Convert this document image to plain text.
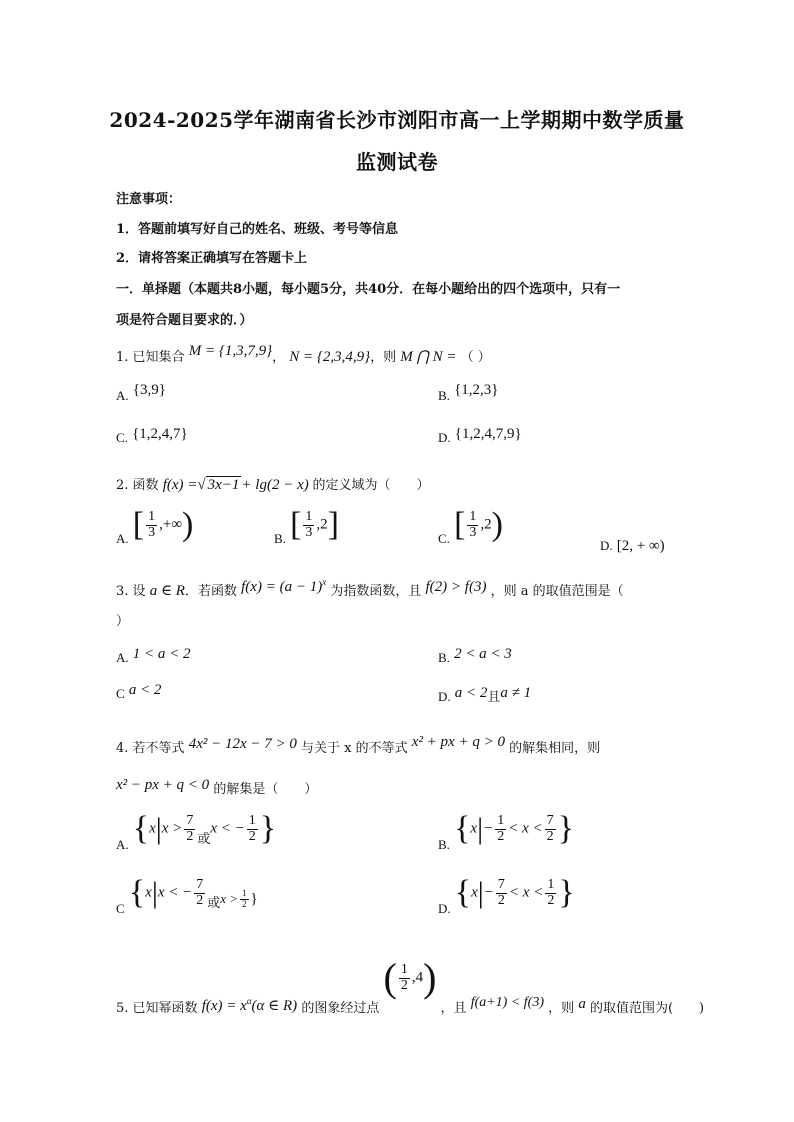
2024-2025学年湖南省长沙市浏阳市高一上学期期中数学质量
监测试卷
注意事项：
1．答题前填写好自己的姓名、班级、考号等信息
2．请将答案正确填写在答题卡上
一．单择题（本题共8小题，每小题5分，共40分．在每小题给出的四个选项中，只有一
项是符合题目要求的．）
1. 已知集合 M = {1,3,7,9}， N = {2,3,4,9}，则 M ⋂ N = （ ）
A. {3,9}	B. {1,2,3}
C. {1,2,4,7}	D. {1,2,4,7,9}
2. 函数 f(x) =√ 3x−1 + lg(2 − x) 的定义域为（　　）
A. [ $\frac{1}{3}$ ,+∞)	B. [ $\frac{1}{3} ,2$]	C. [ $\frac{1}{3} ,2$)
D. [2, + ∞)
3. 设 a ∈ R．若函数 $f(x) = (a - 1)^x$ 为指数函数，且 f(2) > f(3) ，则 a 的取值范围是（
）
A. 1 < a < 2	B. 2 < a < 3
C a < 2	D. a < 2且a ≠ 1
4. 若不等式 4x² − 12x − 7 > 0 与关于 x 的不等式 x² + px + q > 0 的解集相同，则
x² − px + q < 0 的解集是（　　）
A. {$x|x > \frac{7}{2}$ 或x < − $\frac{1}{2}$ }	B. {$x|- \frac{1}{2} < x < \frac{7}{2}$ }
C {x|x < − $\frac{7}{2}$ 或$x > \frac{1}{2}$ }
D. {$x|- \frac{7}{2} < x < \frac{1}{2}$ }
5. 已知幂函数 $f(x) = x^\alpha(\alpha$ ∈ R) 的图象经过点 ( $\frac{1}{2} ,4$) ，且 f(a+1) < f(3) ，则 a 的取值范围为(　　)
